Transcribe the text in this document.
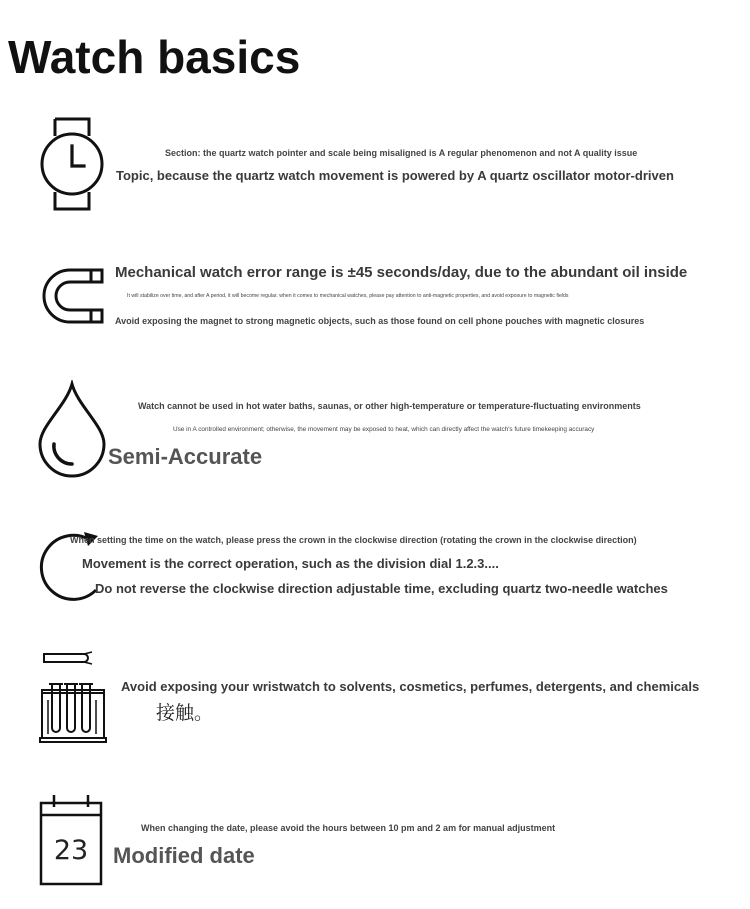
Watch basics
Section: the quartz watch pointer and scale being misaligned is A regular phenomenon and not A quality issue
Topic, because the quartz watch movement is powered by A quartz oscillator motor-driven
Mechanical watch error range is ±45 seconds/day, due to the abundant oil inside
It will stabilize over time, and after A period, it will become regular. when it comes to mechanical watches, please pay attention to anti-magnetic properties, and avoid exposure to magnetic fields
Avoid exposing the magnet to strong magnetic objects, such as those found on cell phone pouches with magnetic closures
Watch cannot be used in hot water baths, saunas, or other high-temperature or temperature-fluctuating environments
Use in A controlled environment; otherwise, the movement may be exposed to heat, which can directly affect the watch's future timekeeping accuracy
Semi-Accurate
When setting the time on the watch, please press the crown in the clockwise direction (rotating the crown in the clockwise direction)
Movement is the correct operation, such as the division dial 1.2.3....
Do not reverse the clockwise direction adjustable time, excluding quartz two-needle watches
Avoid exposing your wristwatch to solvents, cosmetics, perfumes, detergents, and chemicals
接触。
23
When changing the date, please avoid the hours between 10 pm and 2 am for manual adjustment
Modified date
